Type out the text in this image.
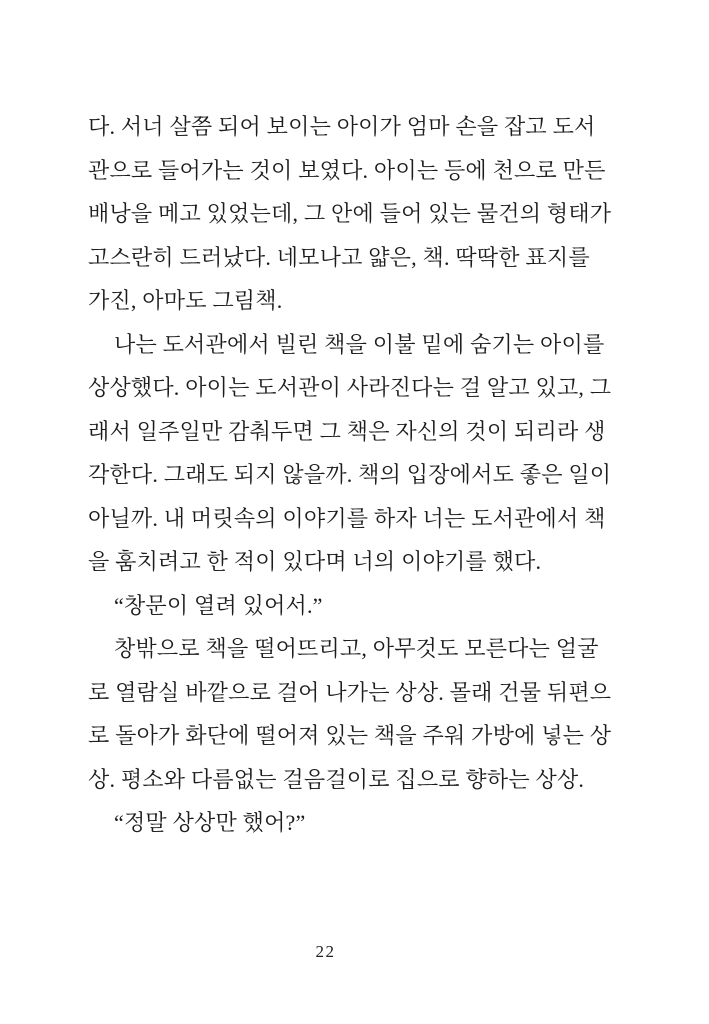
다. 서너 살쯤 되어 보이는 아이가 엄마 손을 잡고 도서
관으로 들어가는 것이 보였다. 아이는 등에 천으로 만든
배낭을 메고 있었는데, 그 안에 들어 있는 물건의 형태가
고스란히 드러났다. 네모나고 얇은, 책. 딱딱한 표지를
가진, 아마도 그림책.
나는 도서관에서 빌린 책을 이불 밑에 숨기는 아이를
상상했다. 아이는 도서관이 사라진다는 걸 알고 있고, 그
래서 일주일만 감춰두면 그 책은 자신의 것이 되리라 생
각한다. 그래도 되지 않을까. 책의 입장에서도 좋은 일이
아닐까. 내 머릿속의 이야기를 하자 너는 도서관에서 책
을 훔치려고 한 적이 있다며 너의 이야기를 했다.
“창문이 열려 있어서.”
창밖으로 책을 떨어뜨리고, 아무것도 모른다는 얼굴
로 열람실 바깥으로 걸어 나가는 상상. 몰래 건물 뒤편으
로 돌아가 화단에 떨어져 있는 책을 주워 가방에 넣는 상
상. 평소와 다름없는 걸음걸이로 집으로 향하는 상상.
“정말 상상만 했어?”
22
